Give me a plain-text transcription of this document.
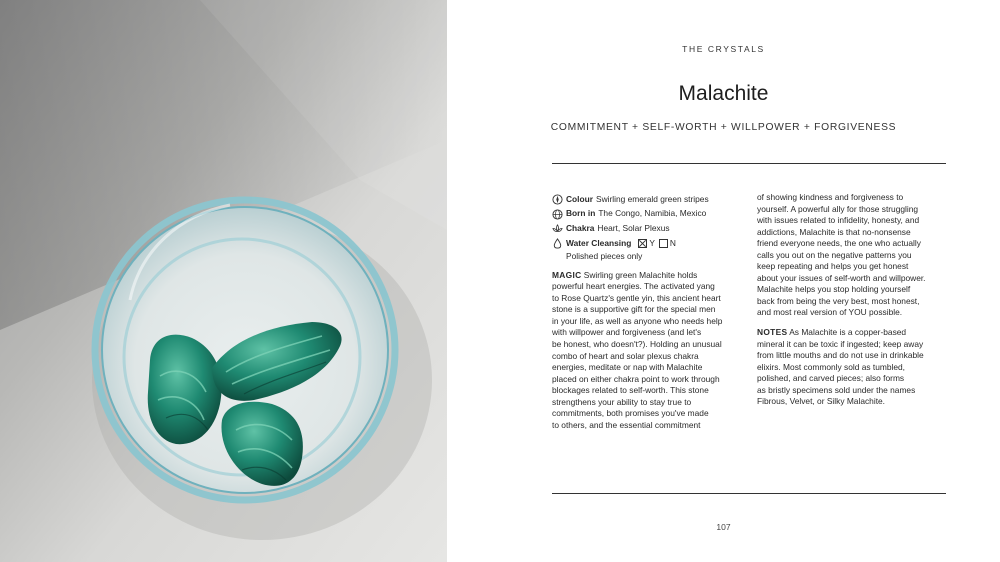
THE CRYSTALS
Malachite
COMMITMENT + SELF-WORTH + WILLPOWER + FORGIVENESS
Colour Swirling emerald green stripes
Born in The Congo, Namibia, Mexico
Chakra Heart, Solar Plexus
Water Cleansing Y N
Polished pieces only

MAGIC Swirling green Malachite holds
powerful heart energies. The activated yang
to Rose Quartz's gentle yin, this ancient heart
stone is a supportive gift for the special men
in your life, as well as anyone who needs help
with willpower and forgiveness (and let's
be honest, who doesn't?). Holding an unusual
combo of heart and solar plexus chakra
energies, meditate or nap with Malachite
placed on either chakra point to work through
blockages related to self-worth. This stone
strengthens your ability to stay true to
commitments, both promises you've made
to others, and the essential commitment

of showing kindness and forgiveness to
yourself. A powerful ally for those struggling
with issues related to infidelity, honesty, and
addictions, Malachite is that no-nonsense
friend everyone needs, the one who actually
calls you out on the negative patterns you
keep repeating and helps you get honest
about your issues of self-worth and willpower.
Malachite helps you stop holding yourself
back from being the very best, most honest,
and most real version of YOU possible.

NOTES As Malachite is a copper-based
mineral it can be toxic if ingested; keep away
from little mouths and do not use in drinkable
elixirs. Most commonly sold as tumbled,
polished, and carved pieces; also forms
as bristly specimens sold under the names
Fibrous, Velvet, or Silky Malachite.

107
